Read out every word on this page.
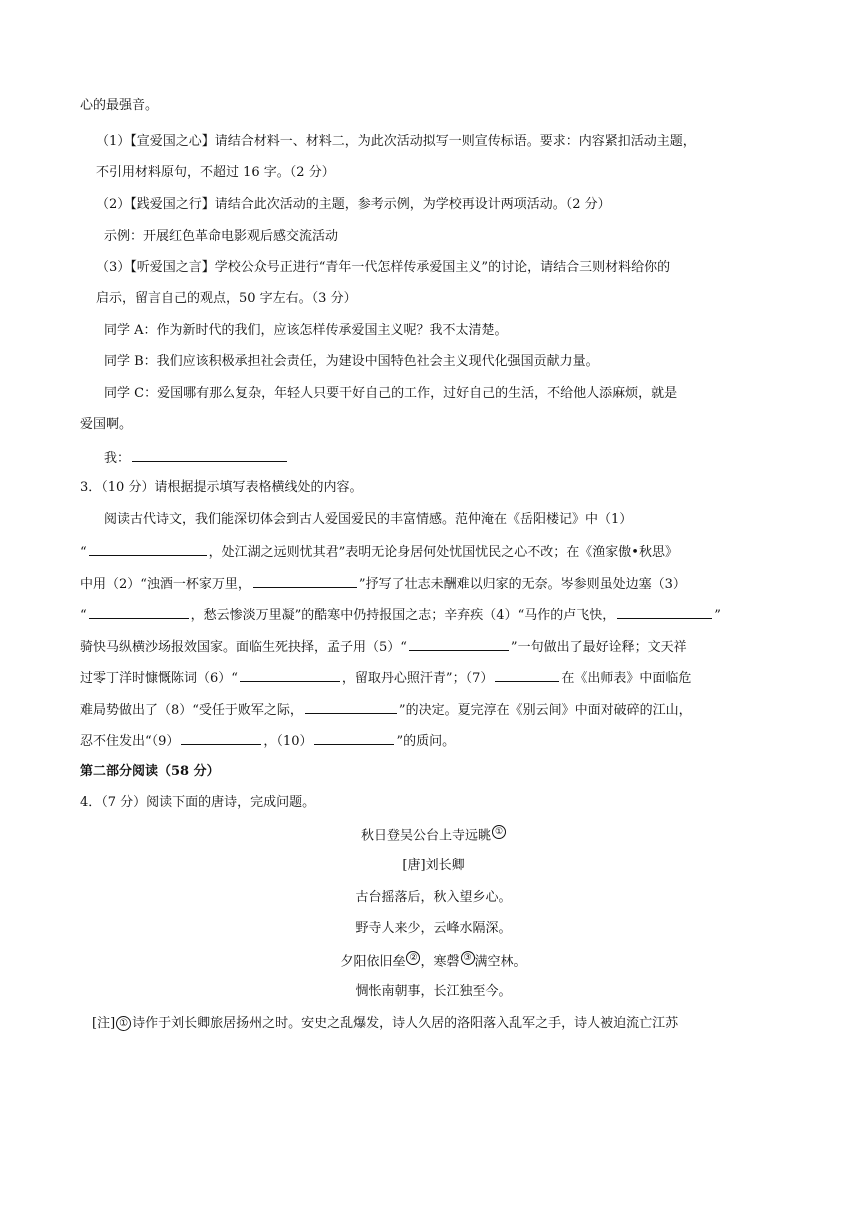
心的最强音。
（1）【宣爱国之心】请结合材料一、材料二，为此次活动拟写一则宣传标语。要求：内容紧扣活动主题，
不引用材料原句，不超过 16 字。（2 分）
（2）【践爱国之行】请结合此次活动的主题，参考示例，为学校再设计两项活动。（2 分）
示例：开展红色革命电影观后感交流活动
（3）【听爱国之言】学校公众号正进行“青年一代怎样传承爱国主义”的讨论，请结合三则材料给你的
启示，留言自己的观点，50 字左右。（3 分）
同学 A：作为新时代的我们，应该怎样传承爱国主义呢？我不太清楚。
同学 B：我们应该积极承担社会责任，为建设中国特色社会主义现代化强国贡献力量。
同学 C：爱国哪有那么复杂，年轻人只要干好自己的工作，过好自己的生活，不给他人添麻烦，就是
爱国啊。
我：
3．（10 分）请根据提示填写表格横线处的内容。
阅读古代诗文，我们能深切体会到古人爱国爱民的丰富情感。范仲淹在《岳阳楼记》中（1）
“	，处江湖之远则忧其君”表明无论身居何处忧国忧民之心不改；在《渔家傲•秋思》
中用（2）“浊酒一杯家万里，	”抒写了壮志未酬难以归家的无奈。岑参则虽处边塞（3）
“	，愁云惨淡万里凝”的酷寒中仍持报国之志；辛弃疾（4）“马作的卢飞快，	”
骑快马纵横沙场报效国家。面临生死抉择，孟子用（5）“	”一句做出了最好诠释；文天祥
过零丁洋时慷慨陈词（6）“	，留取丹心照汗青”；（7）	在《出师表》中面临危
难局势做出了（8）“受任于败军之际，	”的决定。夏完淳在《别云间》中面对破碎的江山，
忍不住发出“（9）	，（10）	”的质问。
第二部分阅读（58 分）
4．（7 分）阅读下面的唐诗，完成问题。
秋日登吴公台上寺远眺 ①
[唐]刘长卿
古台摇落后，秋入望乡心。
野寺人来少，云峰水隔深。
夕阳依旧垒 ② ，寒磬 ③ 满空林。
惆怅南朝事，长江独至今。
[注] ① 诗作于刘长卿旅居扬州之时。安史之乱爆发，诗人久居的洛阳落入乱军之手，诗人被迫流亡江苏
